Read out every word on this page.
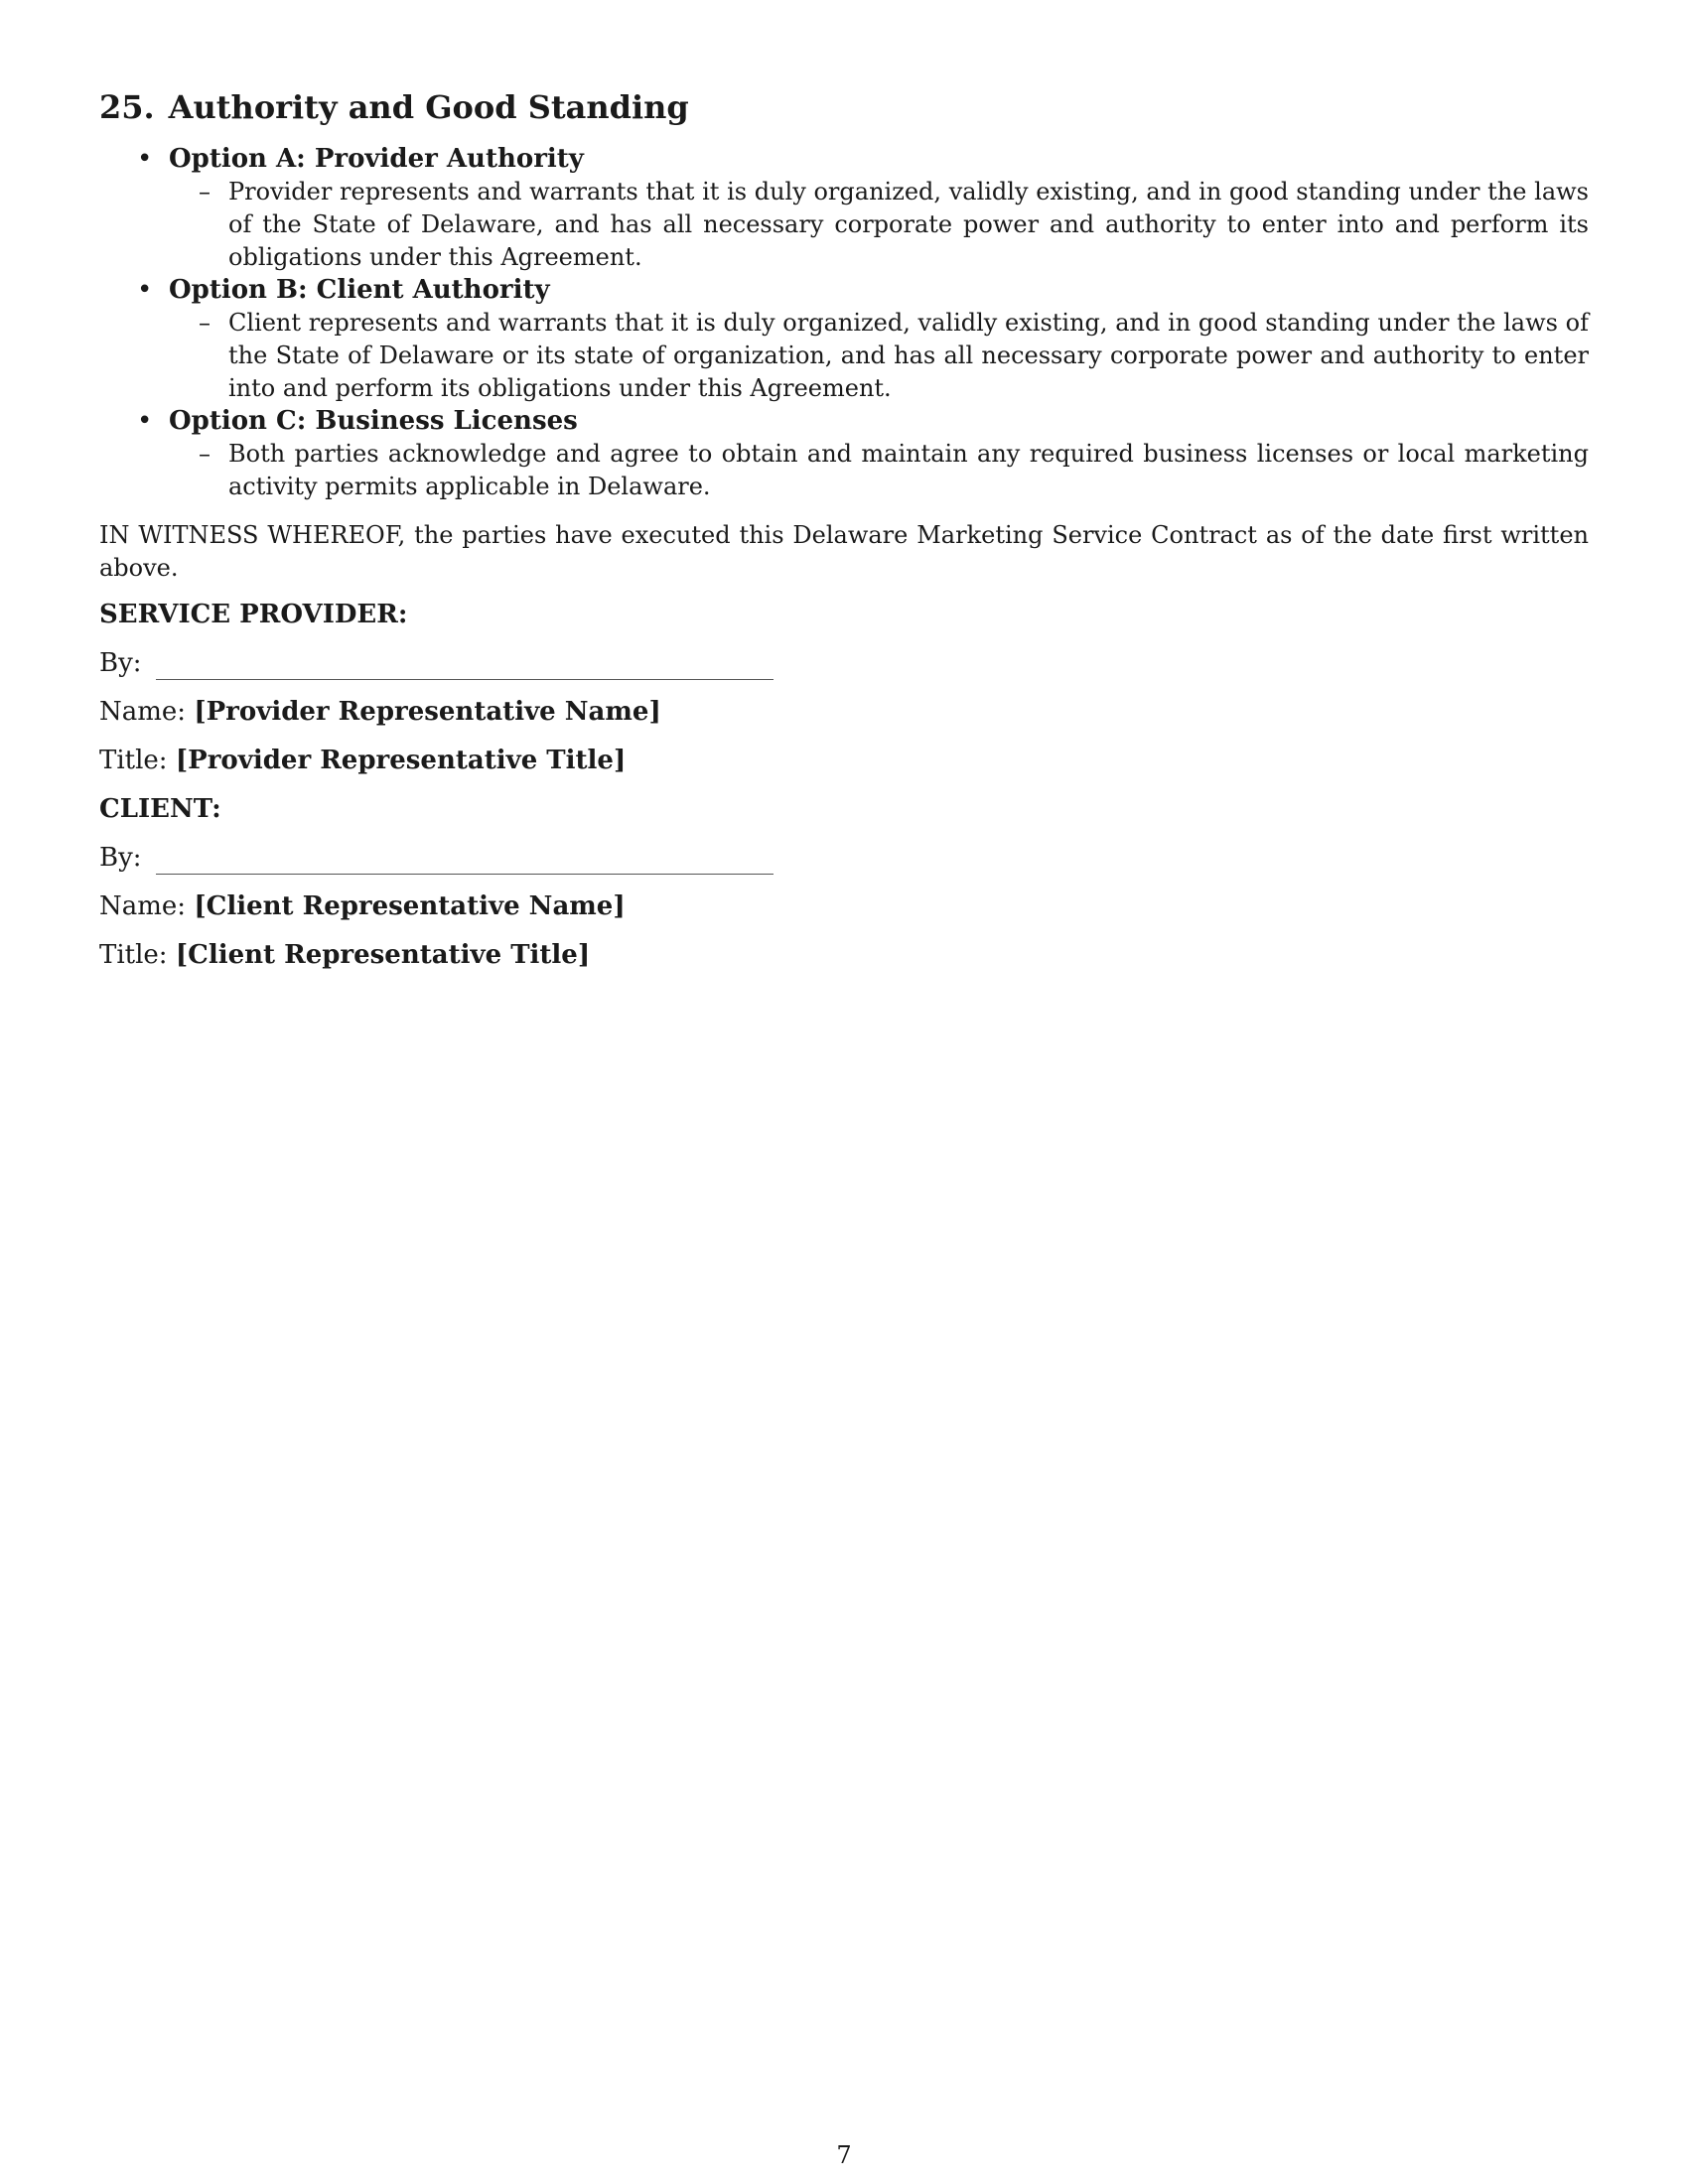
25. Authority and Good Standing
• Option A: Provider Authority

– Provider represents and warrants that it is duly organized, validly existing, and in good standing under the laws of the State of Delaware, and has all necessary corporate power and authority to enter into and perform its obligations under this Agreement.

• Option B: Client Authority

– Client represents and warrants that it is duly organized, validly existing, and in good standing under the laws of the State of Delaware or its state of organization, and has all necessary corporate power and authority to enter into and perform its obligations under this Agreement.

• Option C: Business Licenses

– Both parties acknowledge and agree to obtain and maintain any required business licenses or local marketing activity permits applicable in Delaware.

IN WITNESS WHEREOF, the parties have executed this Delaware Marketing Service Contract as of the date first written above.

SERVICE PROVIDER:

By:

Name: [Provider Representative Name]

Title: [Provider Representative Title]

CLIENT:

By:

Name: [Client Representative Name]

Title: [Client Representative Title]

7
